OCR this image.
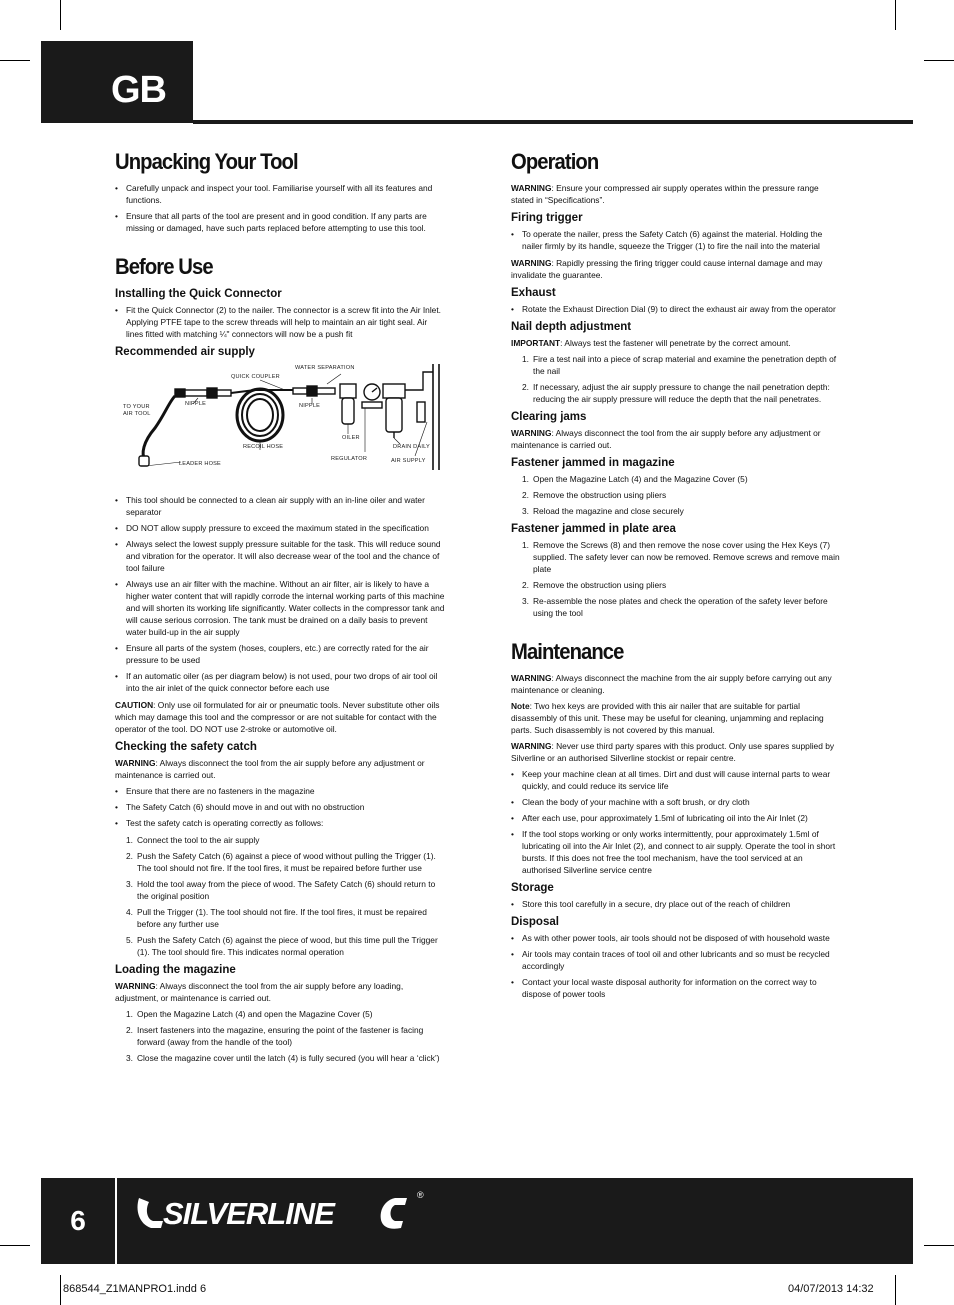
GB
Unpacking Your Tool
• Carefully unpack and inspect your tool. Familiarise yourself with all its features and functions.
• Ensure that all parts of the tool are present and in good condition. If any parts are missing or damaged, have such parts replaced before attempting to use this tool.
Before Use
Installing the Quick Connector
• Fit the Quick Connector (2) to the nailer. The connector is a screw fit into the Air Inlet. Applying PTFE tape to the screw threads will help to maintain an air tight seal. Air lines fitted with matching ¼" connectors will now be a push fit
Recommended air supply
WATER SEPARATION
QUICK COUPLER
TO YOUR AIR TOOL
NIPPLE	NIPPLE
OILER
RECOIL HOSE	DRAIN DAILY
REGULATOR	AIR SUPPLY
LEADER HOSE
• This tool should be connected to a clean air supply with an in-line oiler and water separator
• DO NOT allow supply pressure to exceed the maximum stated in the specification
• Always select the lowest supply pressure suitable for the task. This will reduce sound and vibration for the operator. It will also decrease wear of the tool and the chance of tool failure
• Always use an air filter with the machine. Without an air filter, air is likely to have a higher water content that will rapidly corrode the internal working parts of this machine and will shorten its working life significantly. Water collects in the compressor tank and will cause serious corrosion. The tank must be drained on a daily basis to prevent water build-up in the air supply
• Ensure all parts of the system (hoses, couplers, etc.) are correctly rated for the air pressure to be used
• If an automatic oiler (as per diagram below) is not used, pour two drops of air tool oil into the air inlet of the quick connector before each use

CAUTION: Only use oil formulated for air or pneumatic tools. Never substitute other oils which may damage this tool and the compressor or are not suitable for contact with the operator of the tool. DO NOT use 2-stroke or automotive oil.

Checking the safety catch

WARNING: Always disconnect the tool from the air supply before any adjustment or maintenance is carried out.

• Ensure that there are no fasteners in the magazine
• The Safety Catch (6) should move in and out with no obstruction
• Test the safety catch is operating correctly as follows:
1. Connect the tool to the air supply
2. Push the Safety Catch (6) against a piece of wood without pulling the Trigger (1). The tool should not fire. If the tool fires, it must be repaired before further use
3. Hold the tool away from the piece of wood. The Safety Catch (6) should return to the original position
4. Pull the Trigger (1). The tool should not fire. If the tool fires, it must be repaired before any further use
5. Push the Safety Catch (6) against the piece of wood, but this time pull the Trigger (1). The tool should fire. This indicates normal operation
Loading the magazine

WARNING: Always disconnect the tool from the air supply before any loading, adjustment, or maintenance is carried out.

1. Open the Magazine Latch (4) and open the Magazine Cover (5)
2. Insert fasteners into the magazine, ensuring the point of the fastener is facing forward (away from the handle of the tool)
3. Close the magazine cover until the latch (4) is fully secured (you will hear a ‘click’)
Operation

WARNING: Ensure your compressed air supply operates within the pressure range stated in “Specifications”.

Firing trigger
• To operate the nailer, press the Safety Catch (6) against the material. Holding the nailer firmly by its handle, squeeze the Trigger (1) to fire the nail into the material

WARNING: Rapidly pressing the firing trigger could cause internal damage and may invalidate the guarantee.

Exhaust
• Rotate the Exhaust Direction Dial (9) to direct the exhaust air away from the operator
Nail depth adjustment

IMPORTANT: Always test the fastener will penetrate by the correct amount.

1. Fire a test nail into a piece of scrap material and examine the penetration depth of the nail
2. If necessary, adjust the air supply pressure to change the nail penetration depth: reducing the air supply pressure will reduce the depth that the nail penetrates.
Clearing jams

WARNING: Always disconnect the tool from the air supply before any adjustment or maintenance is carried out.

Fastener jammed in magazine
1. Open the Magazine Latch (4) and the Magazine Cover (5)
2. Remove the obstruction using pliers
3. Reload the magazine and close securely
Fastener jammed in plate area
1. Remove the Screws (8) and then remove the nose cover using the Hex Keys (7) supplied. The safety lever can now be removed. Remove screws and remove main plate
2. Remove the obstruction using pliers
3. Re-assemble the nose plates and check the operation of the safety lever before using the tool
Maintenance

WARNING: Always disconnect the machine from the air supply before carrying out any maintenance or cleaning.

Note: Two hex keys are provided with this air nailer that are suitable for partial disassembly of this unit. These may be useful for cleaning, unjamming and replacing parts. Such disassembly is not covered by this manual.

WARNING: Never use third party spares with this product. Only use spares supplied by Silverline or an authorised Silverline stockist or repair centre.

• Keep your machine clean at all times. Dirt and dust will cause internal parts to wear quickly, and could reduce its service life
• Clean the body of your machine with a soft brush, or dry cloth
• After each use, pour approximately 1.5ml of lubricating oil into the Air Inlet (2)
• If the tool stops working or only works intermittently, pour approximately 1.5ml of lubricating oil into the Air Inlet (2), and connect to air supply. Operate the tool in short bursts. If this does not free the tool mechanism, have the tool serviced at an authorised Silverline service centre
Storage
• Store this tool carefully in a secure, dry place out of the reach of children
Disposal
• As with other power tools, air tools should not be disposed of with household waste
• Air tools may contain traces of tool oil and other lubricants and so must be recycled accordingly
• Contact your local waste disposal authority for information on the correct way to dispose of power tools
6	SILVERLINE
®
868544_Z1MANPRO1.indd 6	04/07/2013 14:32
